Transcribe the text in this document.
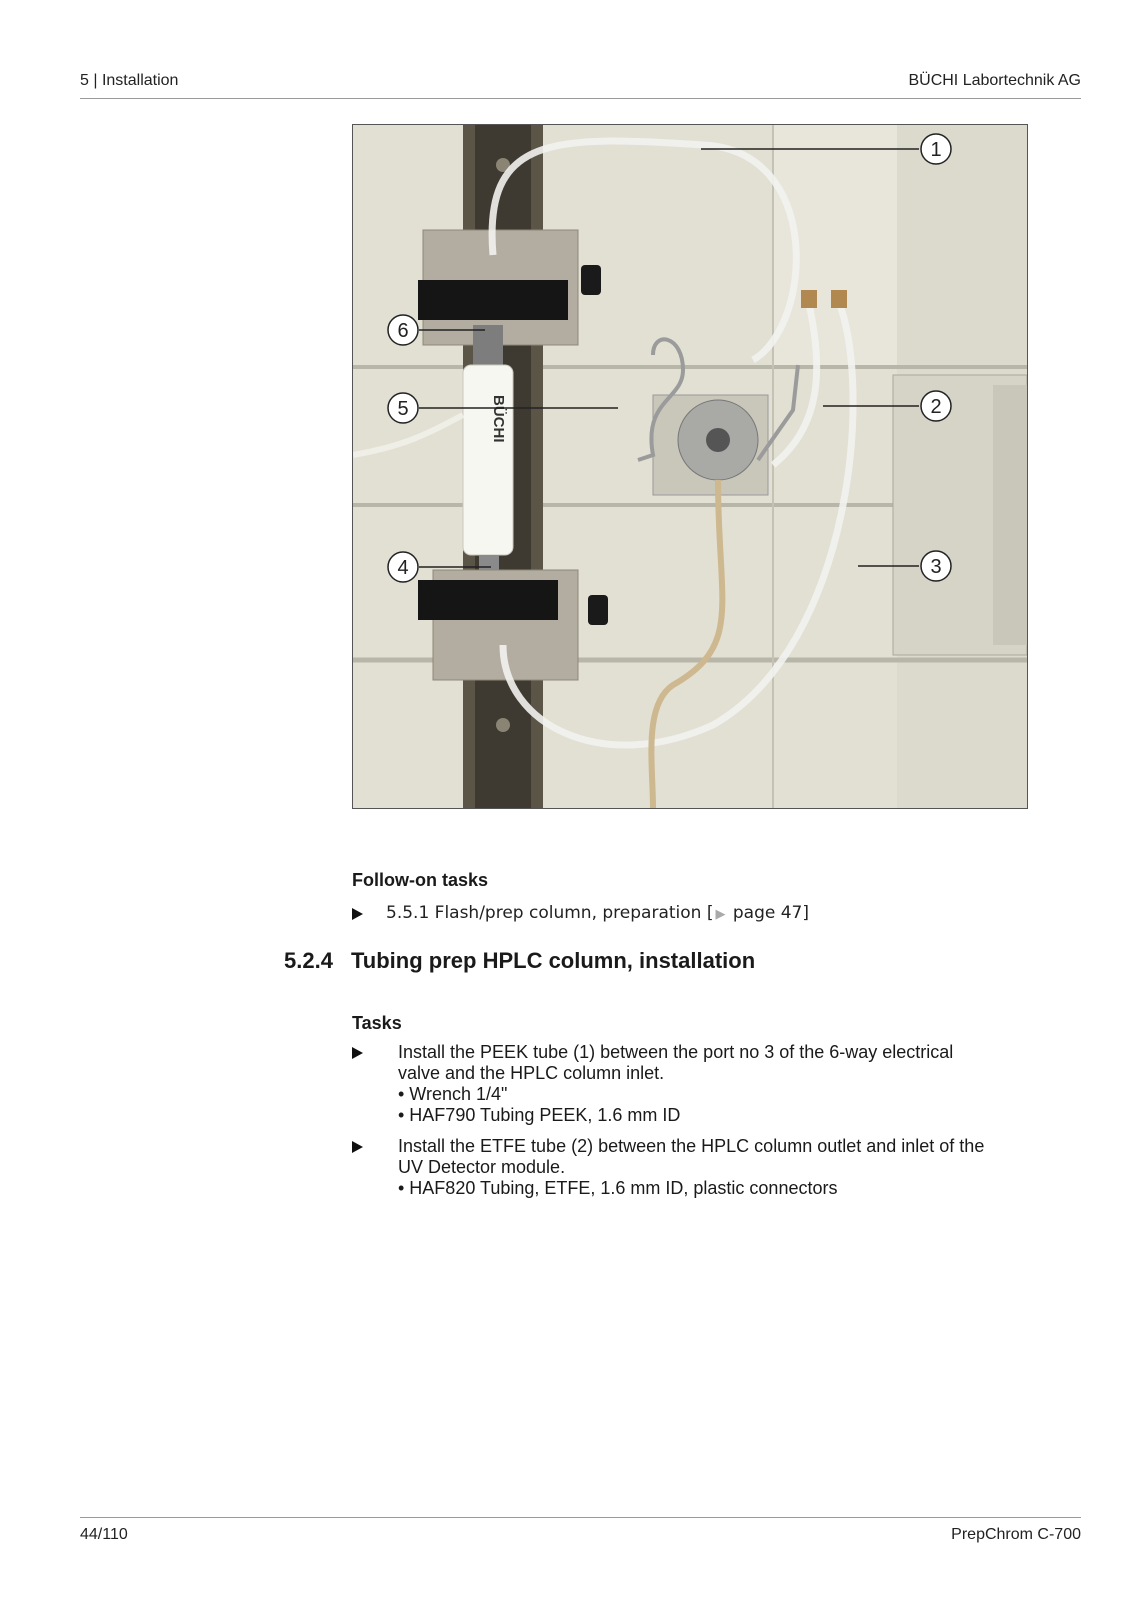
5 | Installation	BÜCHI Labortechnik AG
BÜCHI
1
2
3
4
5
6
Follow-on tasks
5.5.1 Flash/prep column, preparation [ ▶ page 47]
5.2.4 Tubing prep HPLC column, installation
Tasks
Install the PEEK tube (1) between the port no 3 of the 6-way electrical
valve and the HPLC column inlet.
• Wrench 1/4"
• HAF790 Tubing PEEK, 1.6 mm ID
Install the ETFE tube (2) between the HPLC column outlet and inlet of the
UV Detector module.
• HAF820 Tubing, ETFE, 1.6 mm ID, plastic connectors
44/110	PrepChrom C-700
